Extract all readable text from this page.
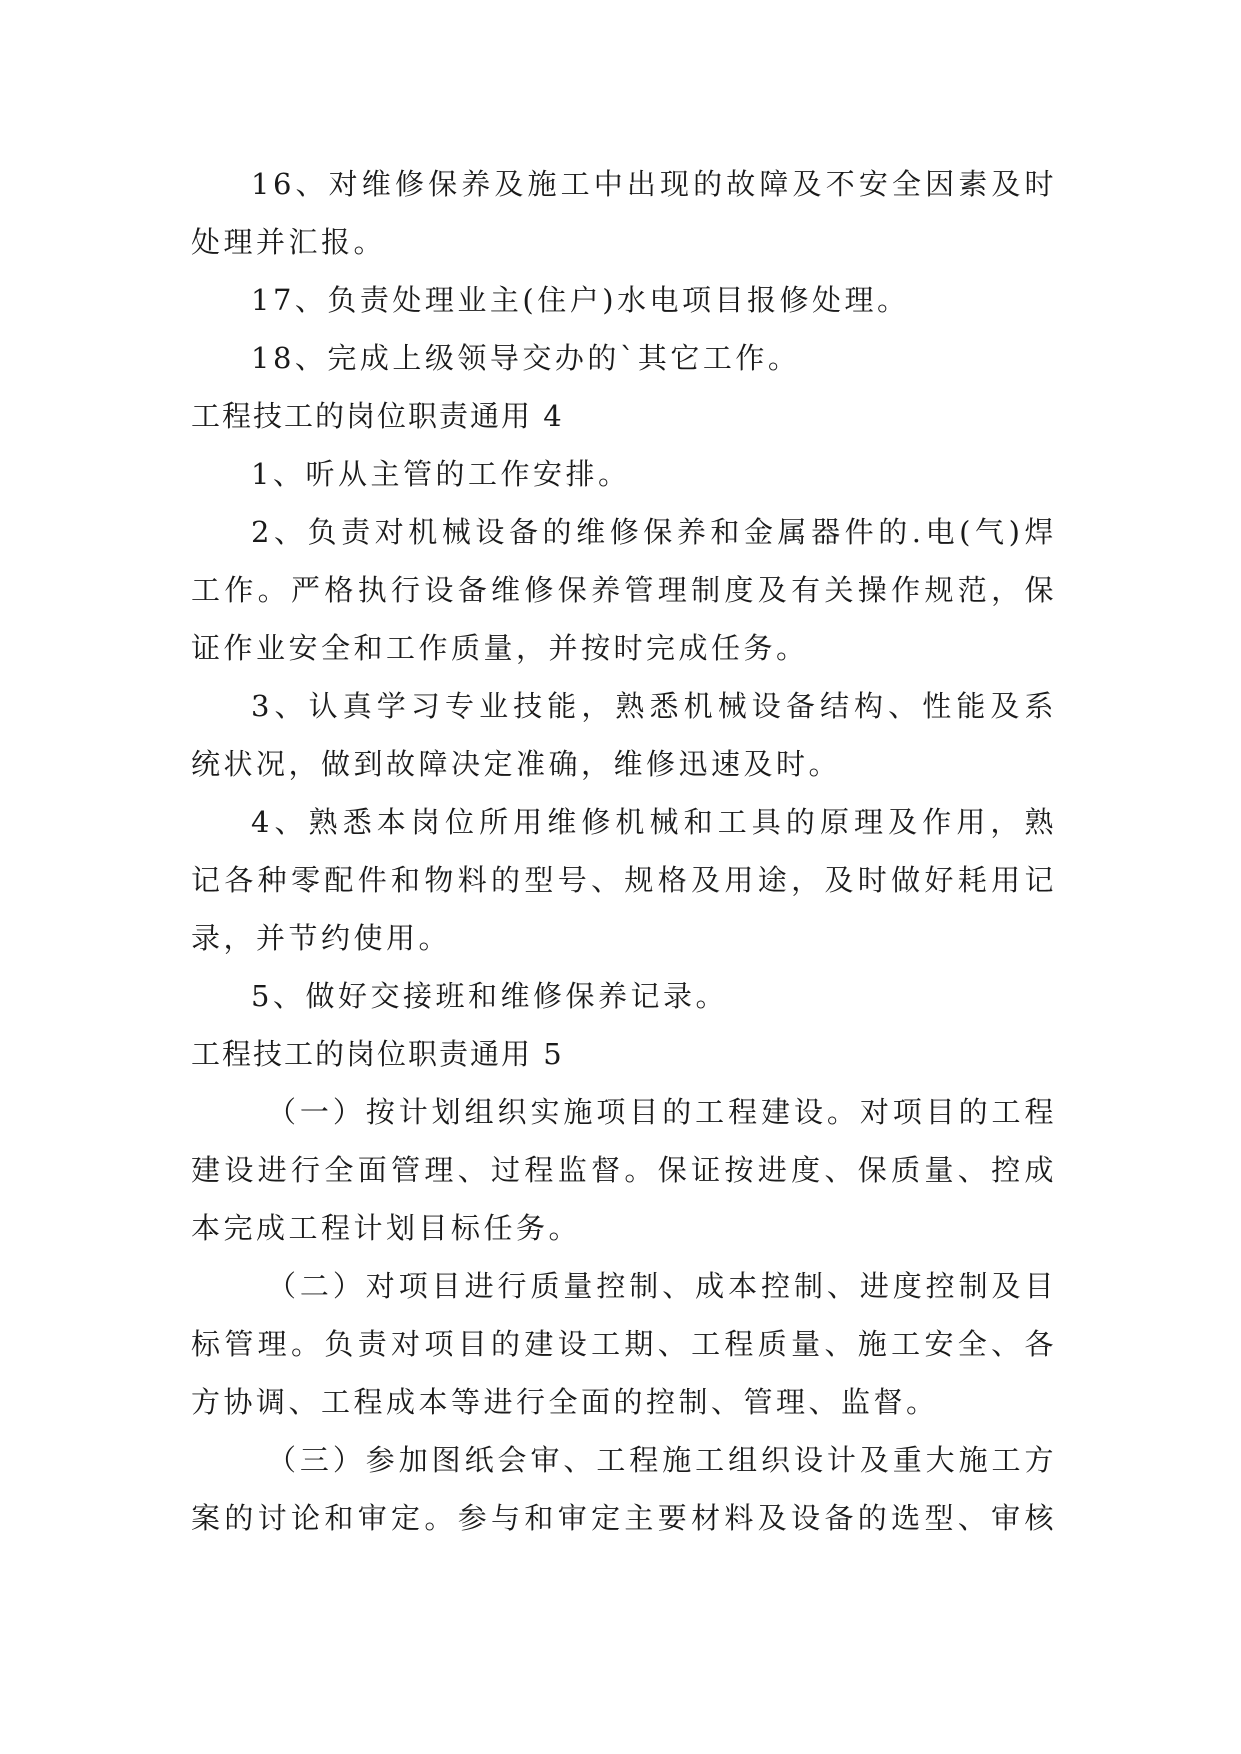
16、对维修保养及施工中出现的故障及不安全因素及时
处理并汇报。
17、负责处理业主(住户)水电项目报修处理。
18、完成上级领导交办的`其它工作。
工程技工的岗位职责通用 4
1、听从主管的工作安排。
2、负责对机械设备的维修保养和金属器件的.电(气)焊
工作。严格执行设备维修保养管理制度及有关操作规范，保
证作业安全和工作质量，并按时完成任务。
3、认真学习专业技能，熟悉机械设备结构、性能及系
统状况，做到故障决定准确，维修迅速及时。
4、熟悉本岗位所用维修机械和工具的原理及作用，熟
记各种零配件和物料的型号、规格及用途，及时做好耗用记
录，并节约使用。
5、做好交接班和维修保养记录。
工程技工的岗位职责通用 5
（一）按计划组织实施项目的工程建设。对项目的工程
建设进行全面管理、过程监督。保证按进度、保质量、控成
本完成工程计划目标任务。
（二）对项目进行质量控制、成本控制、进度控制及目
标管理。负责对项目的建设工期、工程质量、施工安全、各
方协调、工程成本等进行全面的控制、管理、监督。
（三）参加图纸会审、工程施工组织设计及重大施工方
案的讨论和审定。参与和审定主要材料及设备的选型、审核
